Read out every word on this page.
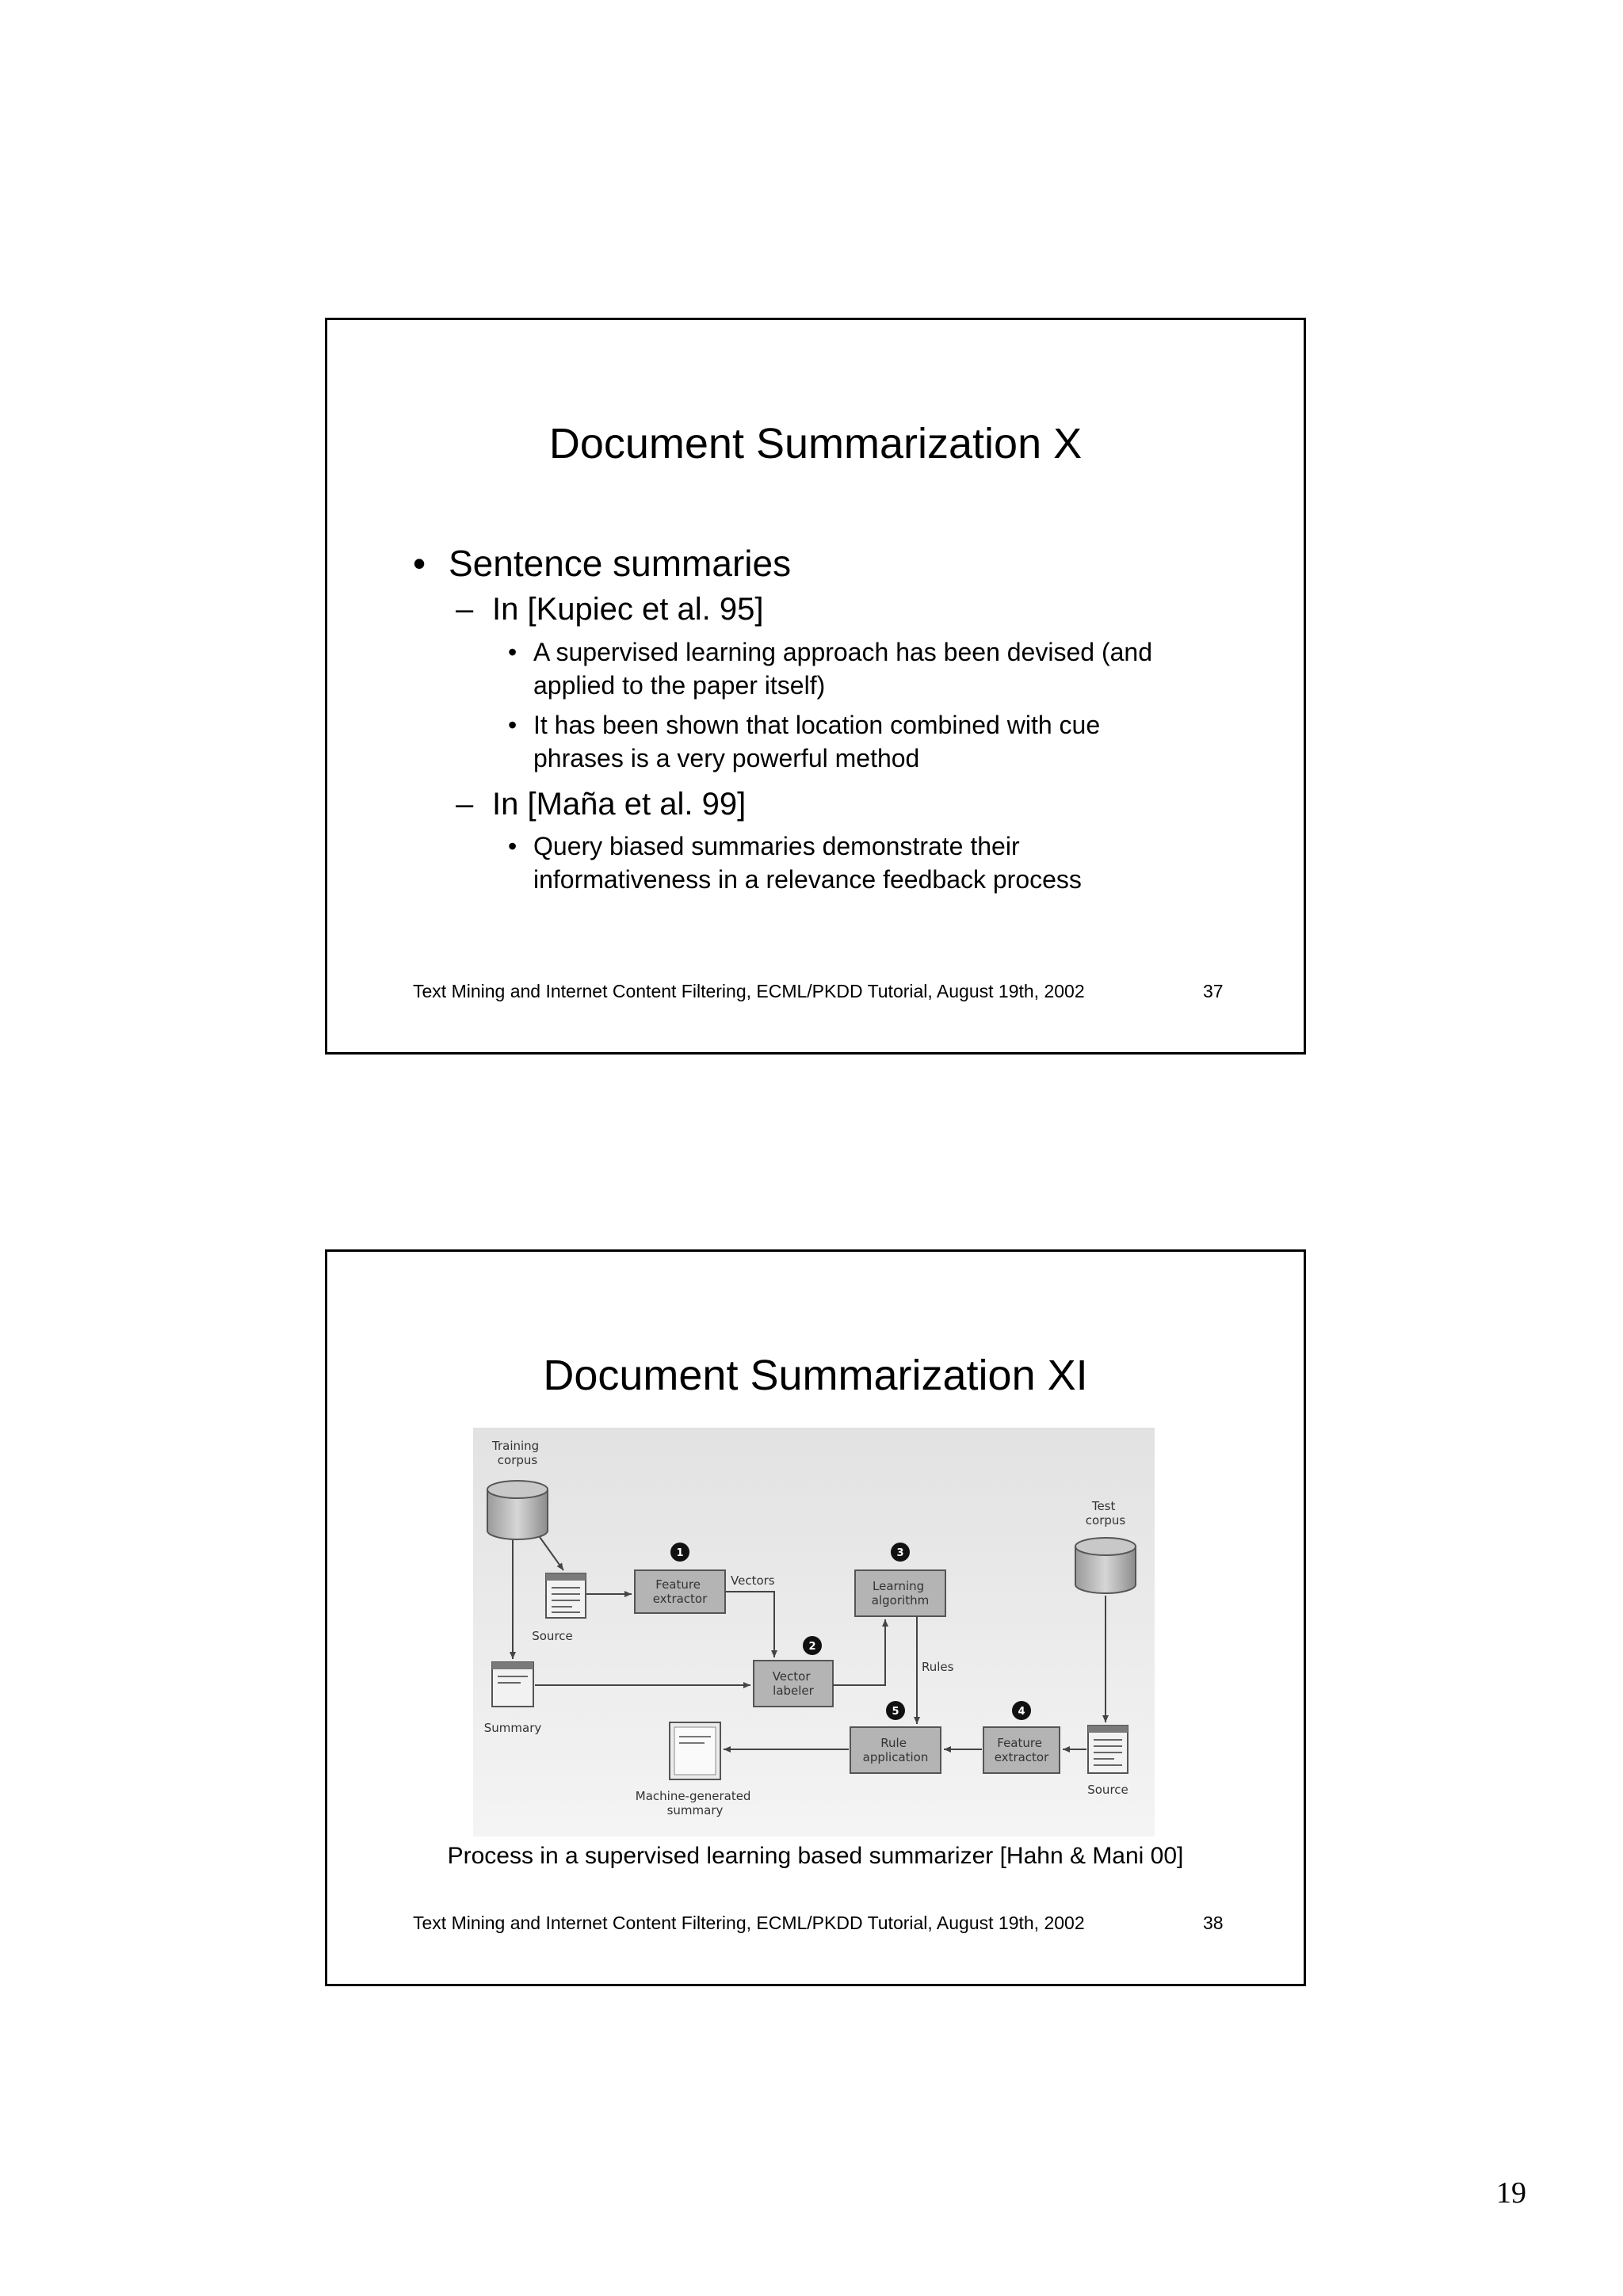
Document Summarization X
• Sentence summaries
– In [Kupiec et al. 95]
• A supervised learning approach has been devised (and
applied to the paper itself)
• It has been shown that location combined with cue
phrases is a very powerful method
– In [Maña et al. 99]
• Query biased summaries demonstrate their
informativeness in a relevance feedback process
Text Mining and Internet Content Filtering, ECML/PKDD Tutorial, August 19th, 2002	37
Document Summarization XI
Training corpus
Test corpus
Source
Summary
Feature extractor
1
Vectors	Learning algorithm
3
Vector labeler
2
Rules
Rule application
5
Feature extractor
4
Source
Machine-generated summary
Process in a supervised learning based summarizer [Hahn & Mani 00]
Text Mining and Internet Content Filtering, ECML/PKDD Tutorial, August 19th, 2002	38
19
